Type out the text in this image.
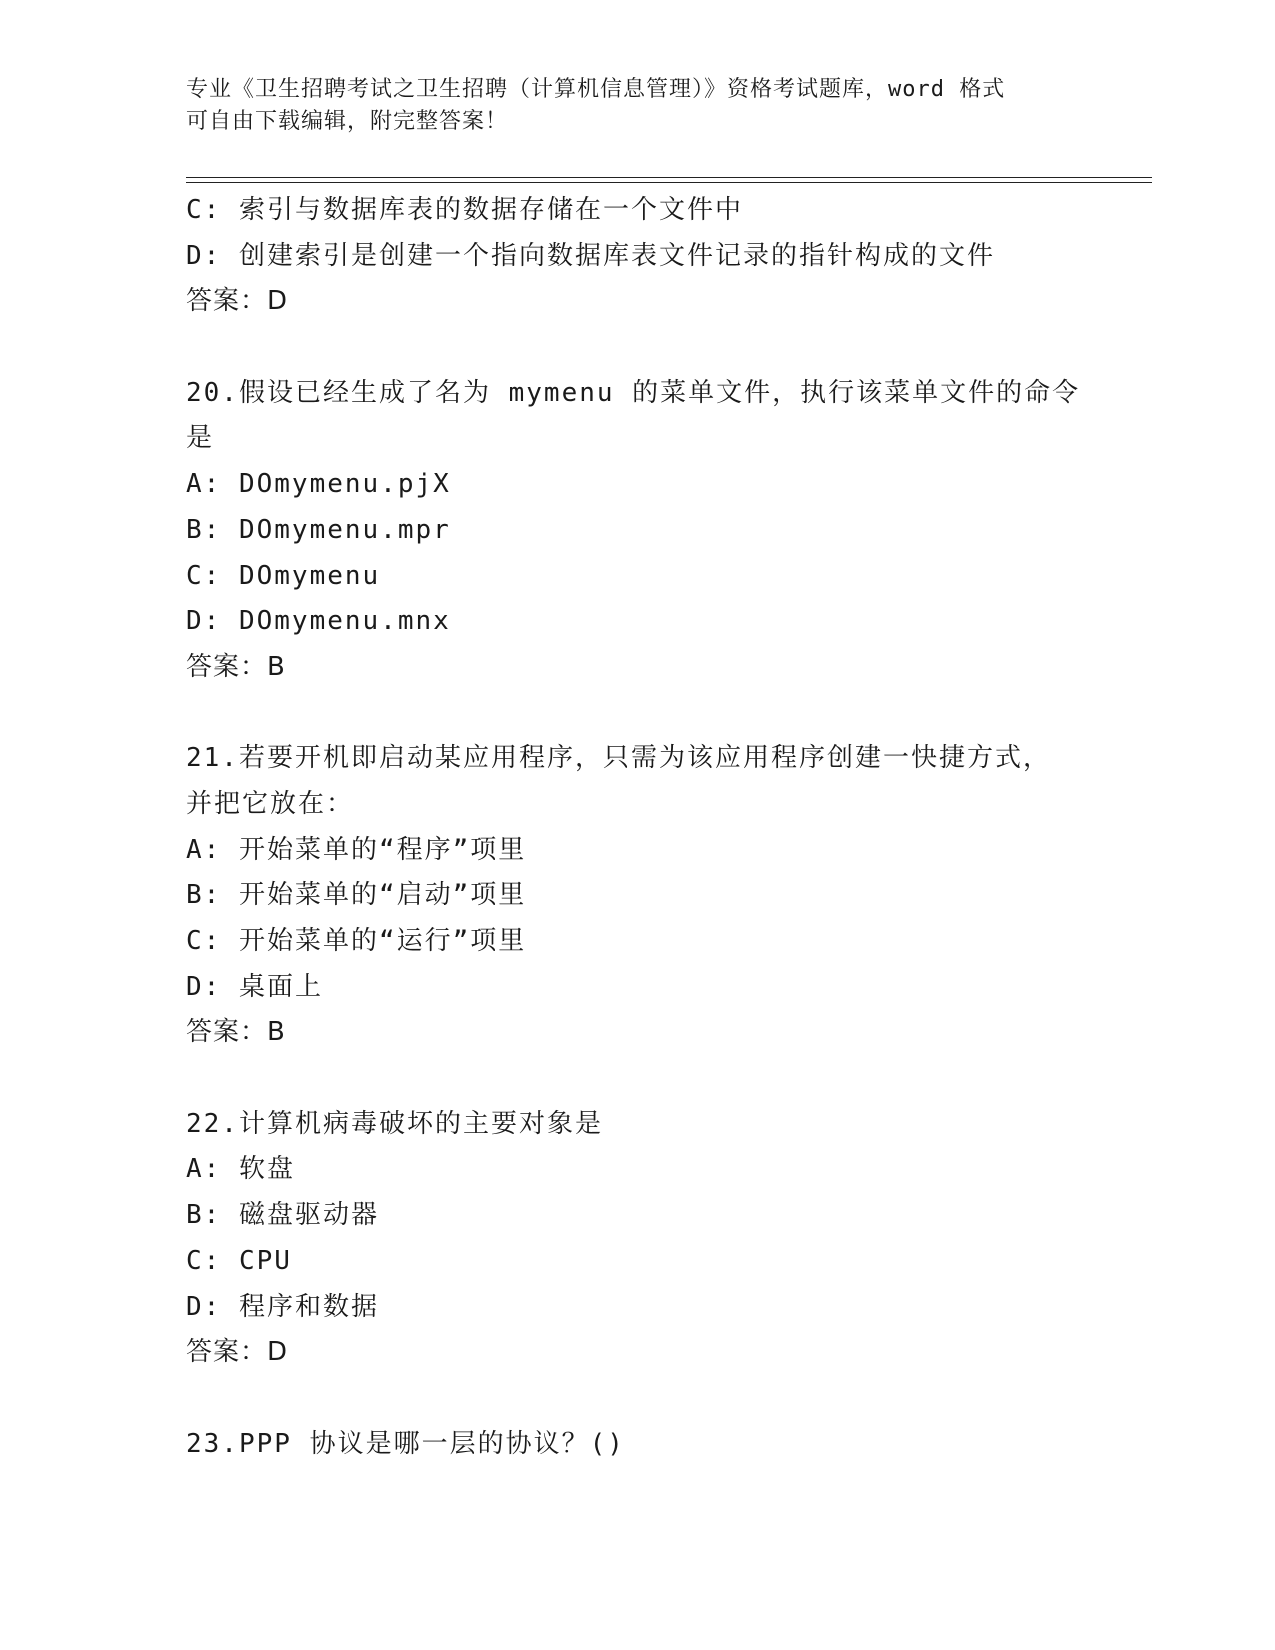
专业《卫生招聘考试之卫生招聘（计算机信息管理）》资格考试题库，word 格式
可自由下载编辑，附完整答案！
C: 索引与数据库表的数据存储在一个文件中
D: 创建索引是创建一个指向数据库表文件记录的指针构成的文件
答案：D
20.假设已经生成了名为 mymenu 的菜单文件，执行该菜单文件的命令
是
A: DOmymenu.pjX
B: DOmymenu.mpr
C: DOmymenu
D: DOmymenu.mnx
答案：B
21.若要开机即启动某应用程序，只需为该应用程序创建一快捷方式，
并把它放在：
A: 开始菜单的“程序”项里
B: 开始菜单的“启动”项里
C: 开始菜单的“运行”项里
D: 桌面上
答案：B
22.计算机病毒破坏的主要对象是
A: 软盘
B: 磁盘驱动器
C: CPU
D: 程序和数据
答案：D
23.PPP 协议是哪一层的协议？()
